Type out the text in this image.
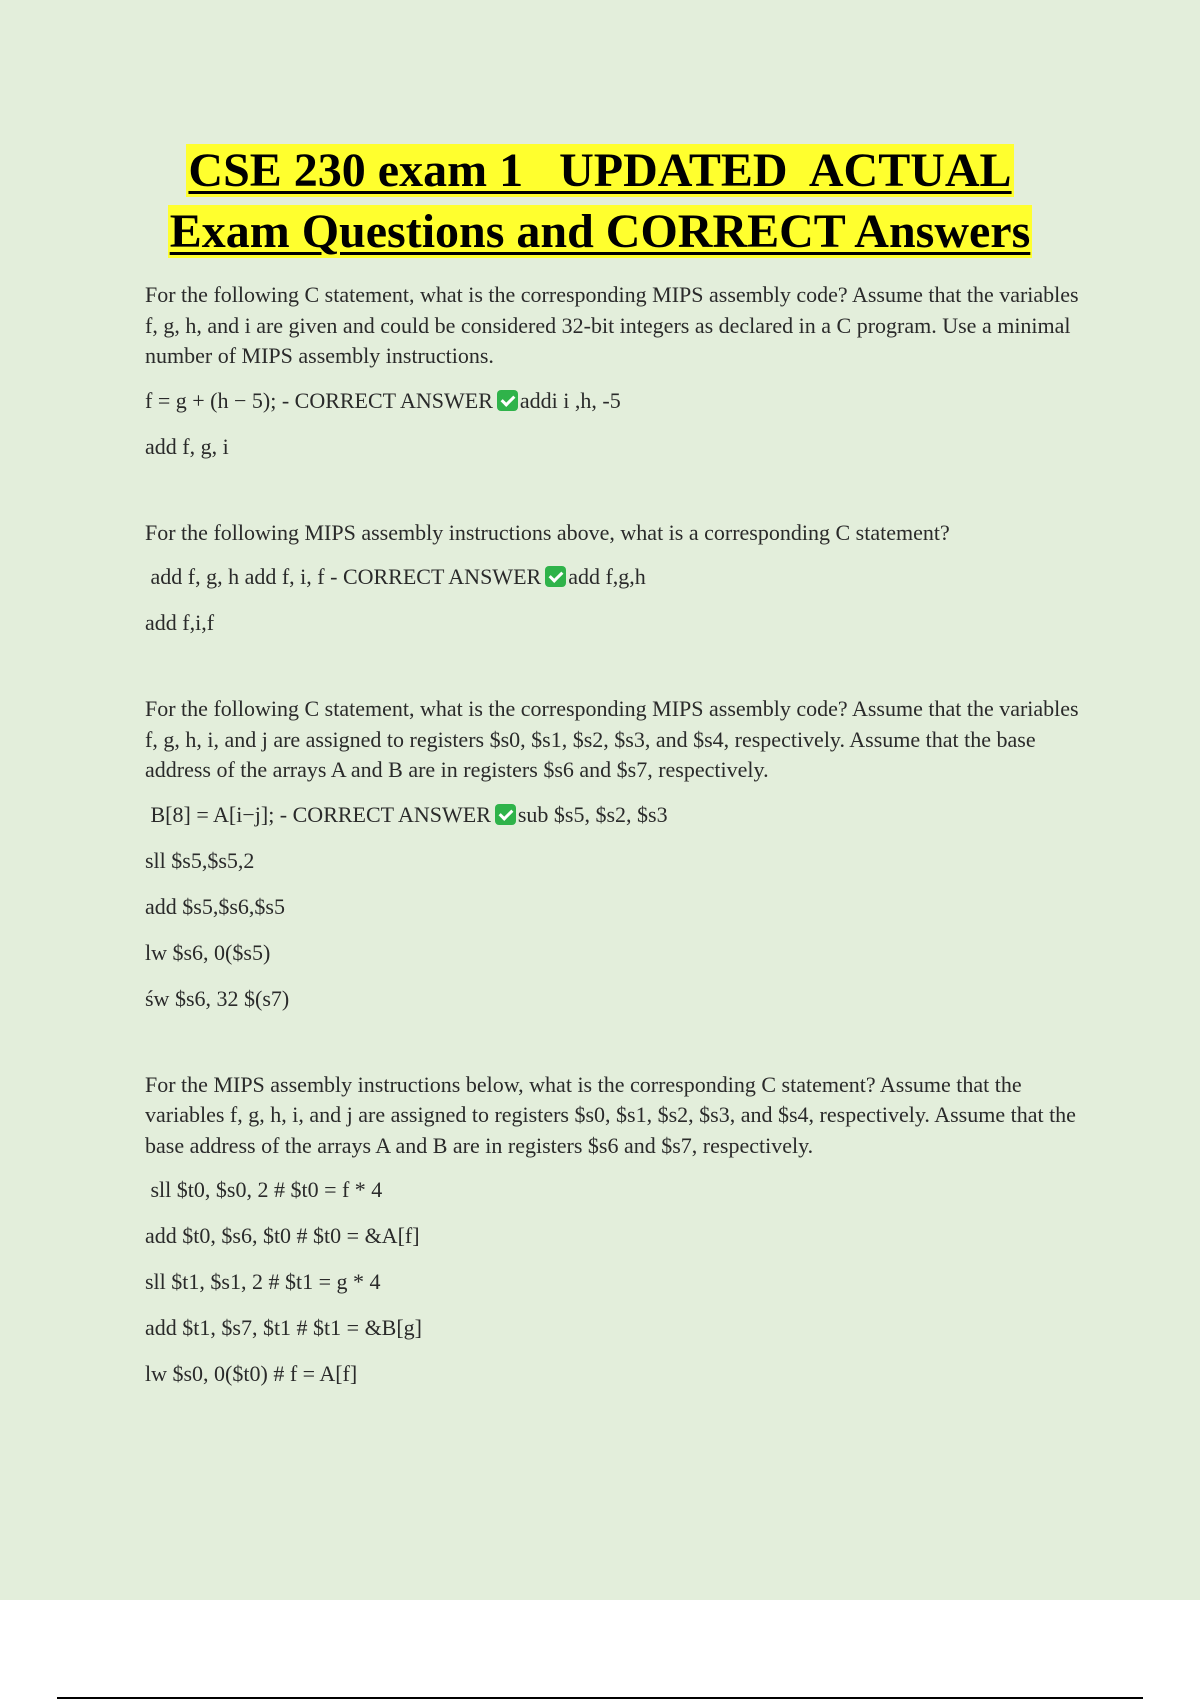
CSE 230 exam 1   UPDATED  ACTUAL
Exam Questions and CORRECT Answers

For the following C statement, what is the corresponding MIPS assembly code? Assume that the variables f, g, h, and i are given and could be considered 32-bit integers as declared in a C program. Use a minimal number of MIPS assembly instructions.

f = g + (h − 5); - CORRECT ANSWER addi i ,h, -5

add f, g, i

For the following MIPS assembly instructions above, what is a corresponding C statement?

add f, g, h add f, i, f - CORRECT ANSWER add f,g,h

add f,i,f

For the following C statement, what is the corresponding MIPS assembly code? Assume that the variables f, g, h, i, and j are assigned to registers $s0, $s1, $s2, $s3, and $s4, respectively. Assume that the base address of the arrays A and B are in registers $s6 and $s7, respectively.

B[8] = A[i−j]; - CORRECT ANSWER sub $s5, $s2, $s3

sll $s5,$s5,2

add $s5,$s6,$s5

lw $s6, 0($s5)

św $s6, 32 $(s7)

For the MIPS assembly instructions below, what is the corresponding C statement? Assume that the variables f, g, h, i, and j are assigned to registers $s0, $s1, $s2, $s3, and $s4, respectively. Assume that the base address of the arrays A and B are in registers $s6 and $s7, respectively.

sll $t0, $s0, 2 # $t0 = f * 4

add $t0, $s6, $t0 # $t0 = &A[f]

sll $t1, $s1, 2 # $t1 = g * 4

add $t1, $s7, $t1 # $t1 = &B[g]

lw $s0, 0($t0) # f = A[f]
